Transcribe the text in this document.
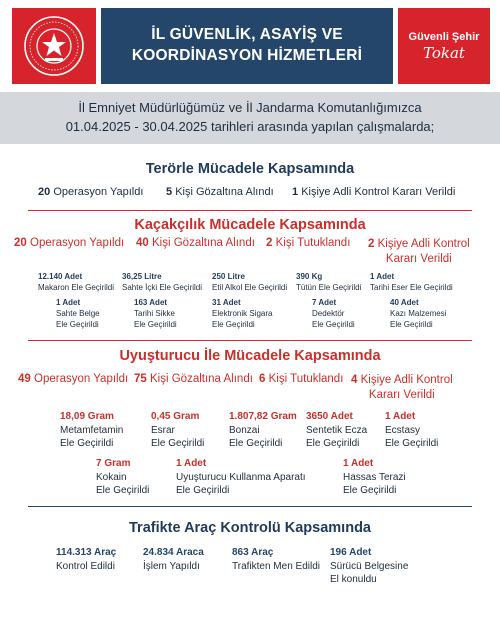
İL GÜVENLİK, ASAYİŞ VE
KOORDİNASYON HİZMETLERİ
Güvenli Şehir
Tokat
İl Emniyet Müdürlüğümüz ve İl Jandarma Komutanlığımızca
01.04.2025 - 30.04.2025 tarihleri arasında yapılan çalışmalarda;
Terörle Mücadele Kapsamında
20 Operasyon Yapıldı 5 Kişi Gözaltına Alındı 1 Kişiye Adli Kontrol Kararı Verildi
Kaçakçılık Mücadele Kapsamında
20 Operasyon Yapıldı 40 Kişi Gözaltına Alındı 2 Kişi Tutuklandı 2 Kişiye Adli Kontrol
Kararı Verildi
12.140 Adet
Makaron Ele Geçirildi
36,25 Litre
Sahte İçki Ele Geçirildi
250 Litre
Etil Alkol Ele Geçirildi
390 Kg
Tütün Ele Geçirildi
1 Adet
Tarihi Eser Ele Geçirildi
1 Adet
Sahte Belge
Ele Geçirildi
163 Adet
Tarihi Sikke
Ele Geçirildi
31 Adet
Elektronik Sigara
Ele Geçirildi
7 Adet
Dedektör
Ele Geçirildi
40 Adet
Kazı Malzemesi
Ele Geçirildi
Uyuşturucu İle Mücadele Kapsamında
49 Operasyon Yapıldı 75 Kişi Gözaltına Alındı 6 Kişi Tutuklandı 4 Kişiye Adli Kontrol
Kararı Verildi
18,09 Gram
Metamfetamin
Ele Geçirildi
0,45 Gram
Esrar
Ele Geçirildi
1.807,82 Gram
Bonzai
Ele Geçirildi
3650 Adet
Sentetik Ecza
Ele Geçirildi
1 Adet
Ecstasy
Ele Geçirildi
7 Gram
Kokain
Ele Geçirildi
1 Adet
Uyuşturucu Kullanma Aparatı
Ele Geçirildi
1 Adet
Hassas Terazi
Ele Geçirildi
Trafikte Araç Kontrolü Kapsamında
114.313 Araç
Kontrol Edildi
24.834 Araca
İşlem Yapıldı
863 Araç
Trafikten Men Edildi
196 Adet
Sürücü Belgesine
El konuldu
